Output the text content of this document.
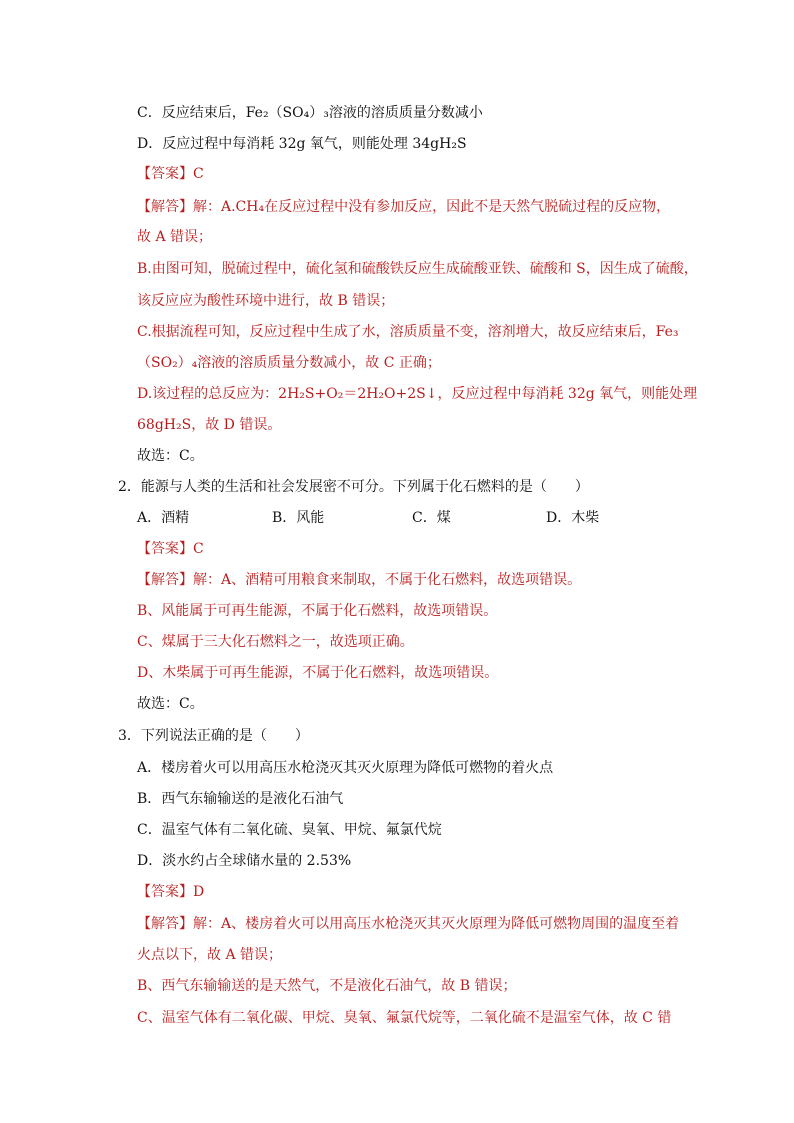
C．反应结束后，Fe₂（SO₄）₃溶液的溶质质量分数减小
D．反应过程中每消耗 32g 氧气，则能处理 34gH₂S
【答案】C
【解答】解：A.CH₄在反应过程中没有参加反应，因此不是天然气脱硫过程的反应物，
故 A 错误；
B.由图可知，脱硫过程中，硫化氢和硫酸铁反应生成硫酸亚铁、硫酸和 S，因生成了硫酸，
该反应应为酸性环境中进行，故 B 错误；
C.根据流程可知，反应过程中生成了水，溶质质量不变，溶剂增大，故反应结束后，Fe₃
（SO₂）₄溶液的溶质质量分数减小，故 C 正确；
D.该过程的总反应为：2H₂S+O₂＝2H₂O+2S↓，反应过程中每消耗 32g 氧气，则能处理
68gH₂S，故 D 错误。
故选：C。
2．能源与人类的生活和社会发展密不可分。下列属于化石燃料的是（　　）
A．酒精	B．风能	C．煤	D．木柴
【答案】C
【解答】解：A、酒精可用粮食来制取，不属于化石燃料，故选项错误。
B、风能属于可再生能源，不属于化石燃料，故选项错误。
C、煤属于三大化石燃料之一，故选项正确。
D、木柴属于可再生能源，不属于化石燃料，故选项错误。
故选：C。
3．下列说法正确的是（　　）
A．楼房着火可以用高压水枪浇灭其灭火原理为降低可燃物的着火点
B．西气东输输送的是液化石油气
C．温室气体有二氧化硫、臭氧、甲烷、氟氯代烷
D．淡水约占全球储水量的 2.53%
【答案】D
【解答】解：A、楼房着火可以用高压水枪浇灭其灭火原理为降低可燃物周围的温度至着
火点以下，故 A 错误；
B、西气东输输送的是天然气，不是液化石油气，故 B 错误；
C、温室气体有二氧化碳、甲烷、臭氧、氟氯代烷等，二氧化硫不是温室气体，故 C 错
